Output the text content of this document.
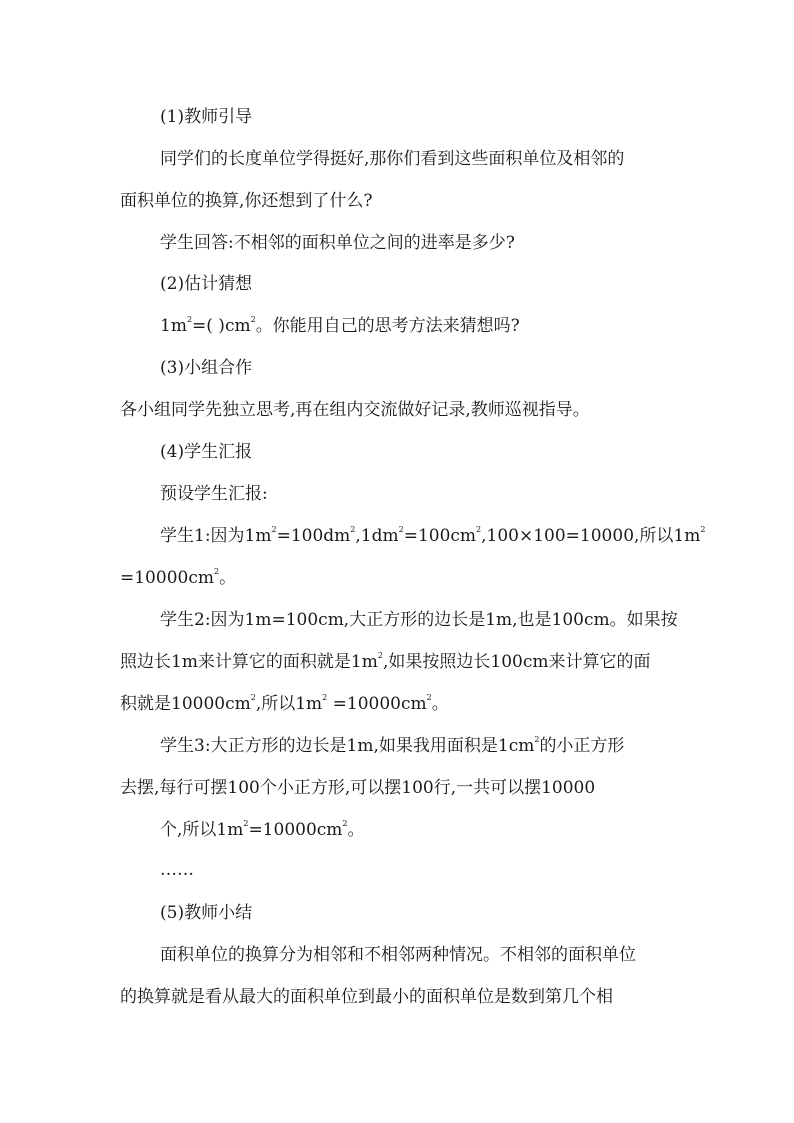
(1)教师引导
同学们的长度单位学得挺好,那你们看到这些面积单位及相邻的
面积单位的换算,你还想到了什么?
学生回答:不相邻的面积单位之间的进率是多少?
(2)估计猜想
$1m^2=$( )$cm^2$。你能用自己的思考方法来猜想吗?
(3)小组合作
各小组同学先独立思考,再在组内交流做好记录,教师巡视指导。
(4)学生汇报
预设学生汇报:
学生1:因为$1m^2=100dm^2,1dm^2=100cm^2,100\times 100=10000$,所以$1m^2$
$=10000cm^2$。
学生2:因为1m=100cm,大正方形的边长是1m,也是100cm。如果按
照边长1m来计算它的面积就是$1m^2$,如果按照边长100cm来计算它的面
积就是$10000cm^2$,所以$1m^2 =10000cm^2$。
学生3:大正方形的边长是1m,如果我用面积是$1cm^2$的小正方形
去摆,每行可摆100个小正方形,可以摆100行,一共可以摆10000
个,所以$1m^2=10000cm^2$。
……
(5)教师小结
面积单位的换算分为相邻和不相邻两种情况。不相邻的面积单位
的换算就是看从最大的面积单位到最小的面积单位是数到第几个相
